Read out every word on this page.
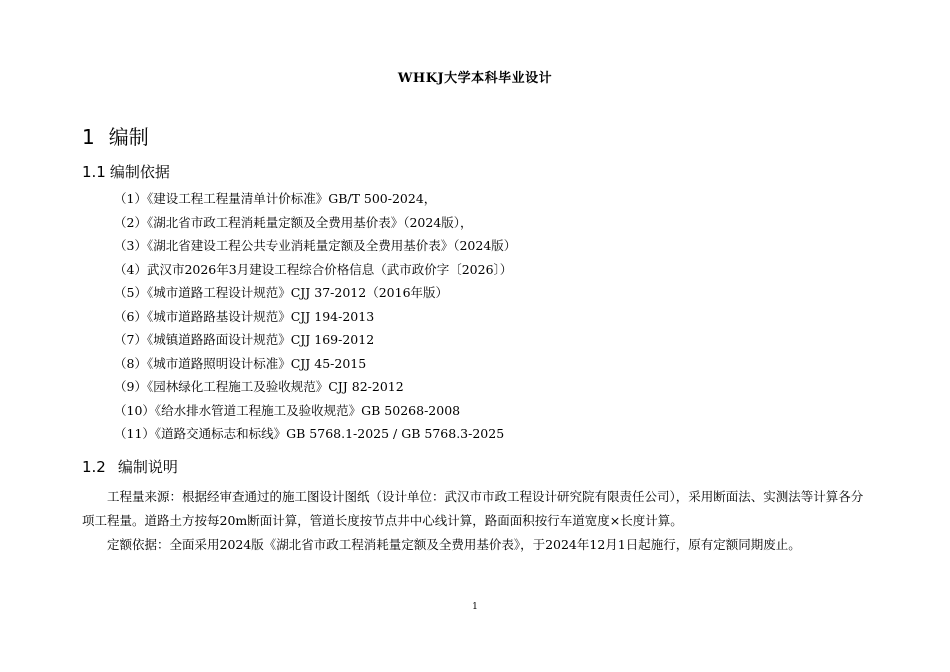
WHKJ大学本科毕业设计
1 编制
1.1 编制依据
（1）《建设工程工程量清单计价标准》GB/T 500-2024，
（2）《湖北省市政工程消耗量定额及全费用基价表》（2024版），
（3）《湖北省建设工程公共专业消耗量定额及全费用基价表》（2024版）
（4）武汉市2026年3月建设工程综合价格信息（武市政价字〔2026〕）
（5）《城市道路工程设计规范》CJJ 37-2012（2016年版）
（6）《城市道路路基设计规范》CJJ 194-2013
（7）《城镇道路路面设计规范》CJJ 169-2012
（8）《城市道路照明设计标准》CJJ 45-2015
（9）《园林绿化工程施工及验收规范》CJJ 82-2012
（10）《给水排水管道工程施工及验收规范》GB 50268-2008
（11）《道路交通标志和标线》GB 5768.1-2025 / GB 5768.3-2025
1.2 编制说明

工程量来源：根据经审查通过的施工图设计图纸（设计单位：武汉市市政工程设计研究院有限责任公司），采用断面法、实测法等计算各分项工程量。道路土方按每20m断面计算，管道长度按节点井中心线计算，路面面积按行车道宽度×长度计算。

定额依据：全面采用2024版《湖北省市政工程消耗量定额及全费用基价表》，于2024年12月1日起施行，原有定额同期废止。

1
